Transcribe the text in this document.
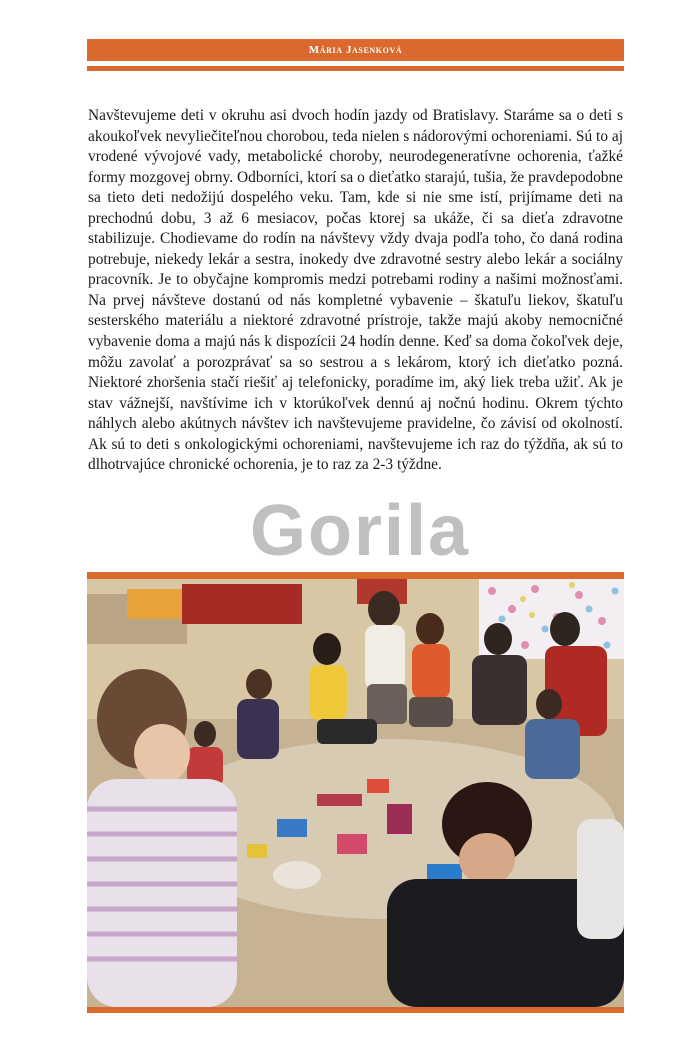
Mária Jasenková

Navštevujeme deti v okruhu asi dvoch hodín jazdy od Bratislavy. Staráme sa o deti s akoukoľvek nevyliečiteľnou chorobou, teda nielen s nádorovými ochoreniami. Sú to aj vrodené vývojové vady, metabolické choroby, neurodegeneratívne ochorenia, ťažké formy mozgovej obrny. Odborníci, ktorí sa o dieťatko starajú, tušia, že pravdepodobne sa tieto deti nedožijú dospelého veku. Tam, kde si nie sme istí, prijímame deti na prechodnú dobu, 3 až 6 mesiacov, počas ktorej sa ukáže, či sa dieťa zdravotne stabilizuje. Chodievame do rodín na návštevy vždy dvaja podľa toho, čo daná rodina potrebuje, niekedy lekár a sestra, inokedy dve zdravotné sestry alebo lekár a sociálny pracovník. Je to obyčajne kompromis medzi potrebami rodiny a našimi možnosťami. Na prvej návšteve dostanú od nás kompletné vybavenie – škatuľu liekov, škatuľu sesterského materiálu a niektoré zdravotné prístroje, takže majú akoby nemocničné vybavenie doma a majú nás k dispozícii 24 hodín denne. Keď sa doma čokoľvek deje, môžu zavolať a porozprávať sa so sestrou a s lekárom, ktorý ich dieťatko pozná. Niektoré zhoršenia stačí riešiť aj telefonicky, poradíme im, aký liek treba užiť. Ak je stav vážnejší, navštívime ich v ktorúkoľvek dennú aj nočnú hodinu. Okrem týchto náhlych alebo akútnych návštev ich navštevujeme pravidelne, čo závisí od okolností. Ak sú to deti s onkologickými ochoreniami, navštevujeme ich raz do týždňa, ak sú to dlhotrvajúce chronické ochorenia, je to raz za 2-3 týždne.

Gorila
